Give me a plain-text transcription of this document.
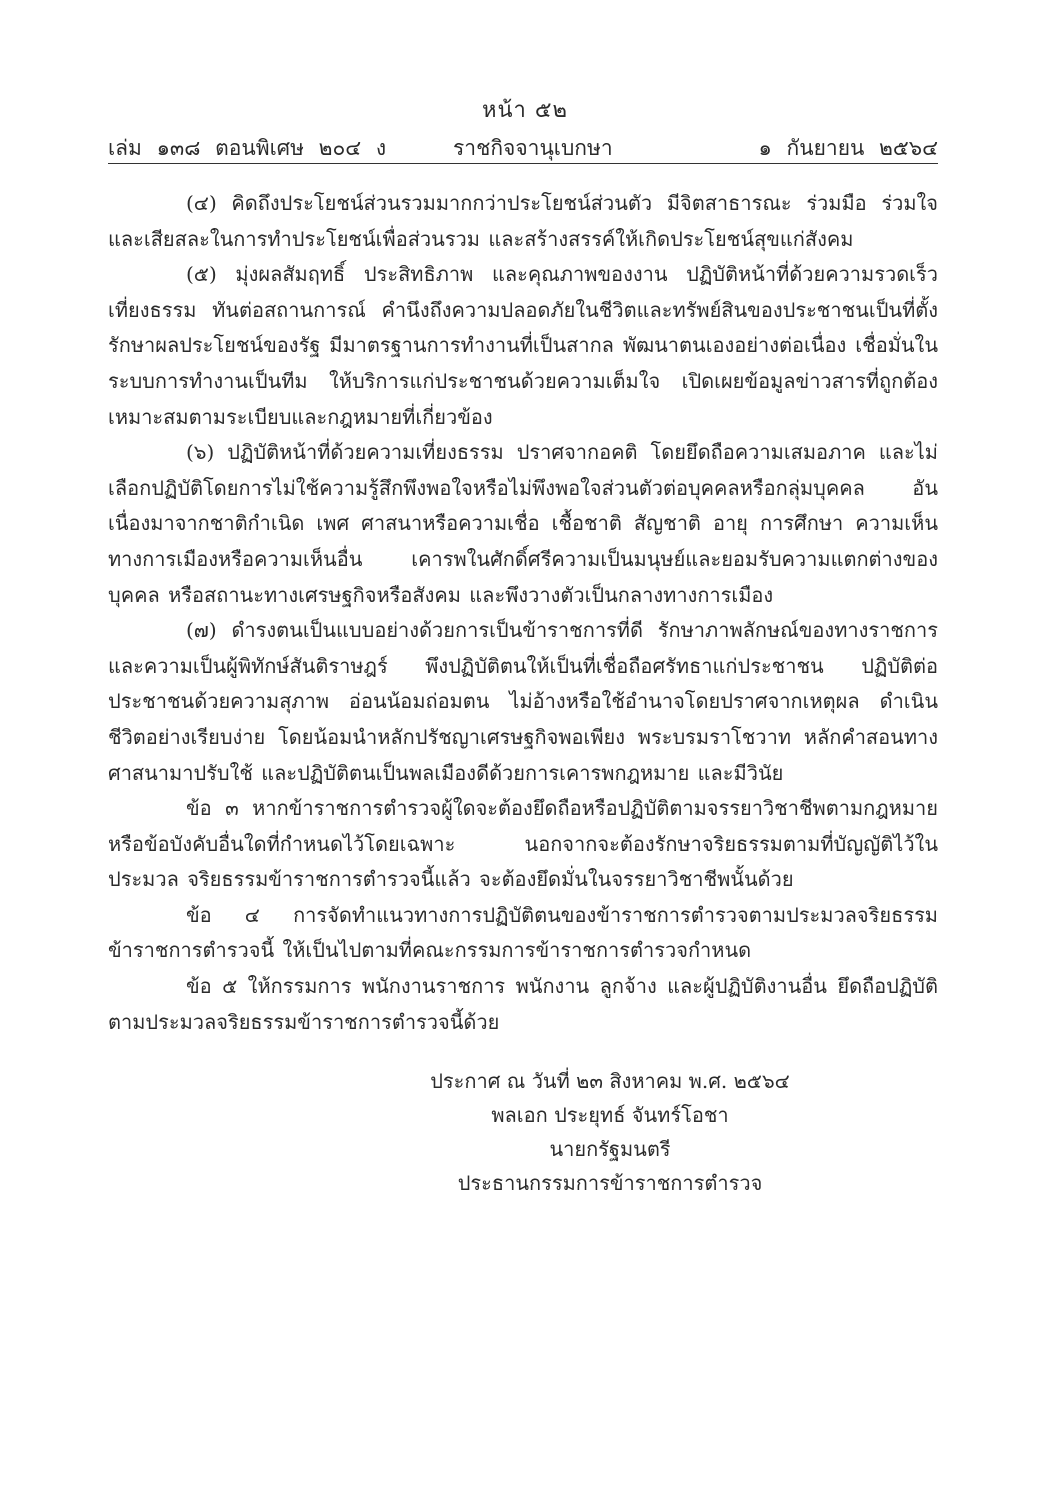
หน้า ๕๒
เล่ม ๑๓๘ ตอนพิเศษ ๒๐๔ ง	ราชกิจจานุเบกษา	๑ กันยายน ๒๕๖๔

(๔) คิดถึงประโยชน์ส่วนรวมมากกว่าประโยชน์ส่วนตัว มีจิตสาธารณะ ร่วมมือ ร่วมใจ และเสียสละในการทำประโยชน์เพื่อส่วนรวม และสร้างสรรค์ให้เกิดประโยชน์สุขแก่สังคม

(๕) มุ่งผลสัมฤทธิ์ ประสิทธิภาพ และคุณภาพของงาน ปฏิบัติหน้าที่ด้วยความรวดเร็ว เที่ยงธรรม ทันต่อสถานการณ์ คำนึงถึงความปลอดภัยในชีวิตและทรัพย์สินของประชาชนเป็นที่ตั้ง รักษาผลประโยชน์ของรัฐ มีมาตรฐานการทำงานที่เป็นสากล พัฒนาตนเองอย่างต่อเนื่อง เชื่อมั่นในระบบการทำงานเป็นทีม ให้บริการแก่ประชาชนด้วยความเต็มใจ เปิดเผยข้อมูลข่าวสารที่ถูกต้องเหมาะสมตามระเบียบและกฎหมายที่เกี่ยวข้อง

(๖) ปฏิบัติหน้าที่ด้วยความเที่ยงธรรม ปราศจากอคติ โดยยึดถือความเสมอภาค และไม่เลือกปฏิบัติโดยการไม่ใช้ความรู้สึกพึงพอใจหรือไม่พึงพอใจส่วนตัวต่อบุคคลหรือกลุ่มบุคคล อันเนื่องมาจากชาติกำเนิด เพศ ศาสนาหรือความเชื่อ เชื้อชาติ สัญชาติ อายุ การศึกษา ความเห็นทางการเมืองหรือความเห็นอื่น เคารพในศักดิ์ศรีความเป็นมนุษย์และยอมรับความแตกต่างของบุคคล หรือสถานะทางเศรษฐกิจหรือสังคม และพึงวางตัวเป็นกลางทางการเมือง

(๗) ดำรงตนเป็นแบบอย่างด้วยการเป็นข้าราชการที่ดี รักษาภาพลักษณ์ของทางราชการ และความเป็นผู้พิทักษ์สันติราษฎร์ พึงปฏิบัติตนให้เป็นที่เชื่อถือศรัทธาแก่ประชาชน ปฏิบัติต่อประชาชนด้วยความสุภาพ อ่อนน้อมถ่อมตน ไม่อ้างหรือใช้อำนาจโดยปราศจากเหตุผล ดำเนินชีวิตอย่างเรียบง่าย โดยน้อมนำหลักปรัชญาเศรษฐกิจพอเพียง พระบรมราโชวาท หลักคำสอนทางศาสนามาปรับใช้ และปฏิบัติตนเป็นพลเมืองดีด้วยการเคารพกฎหมาย และมีวินัย

ข้อ ๓ หากข้าราชการตำรวจผู้ใดจะต้องยึดถือหรือปฏิบัติตามจรรยาวิชาชีพตามกฎหมาย หรือข้อบังคับอื่นใดที่กำหนดไว้โดยเฉพาะ นอกจากจะต้องรักษาจริยธรรมตามที่บัญญัติไว้ในประมวล จริยธรรมข้าราชการตำรวจนี้แล้ว จะต้องยึดมั่นในจรรยาวิชาชีพนั้นด้วย

ข้อ ๔ การจัดทำแนวทางการปฏิบัติตนของข้าราชการตำรวจตามประมวลจริยธรรม ข้าราชการตำรวจนี้ ให้เป็นไปตามที่คณะกรรมการข้าราชการตำรวจกำหนด

ข้อ ๕ ให้กรรมการ พนักงานราชการ พนักงาน ลูกจ้าง และผู้ปฏิบัติงานอื่น ยึดถือปฏิบัติ ตามประมวลจริยธรรมข้าราชการตำรวจนี้ด้วย

ประกาศ ณ วันที่ ๒๓ สิงหาคม พ.ศ. ๒๕๖๔
พลเอก ประยุทธ์ จันทร์โอชา
นายกรัฐมนตรี
ประธานกรรมการข้าราชการตำรวจ
